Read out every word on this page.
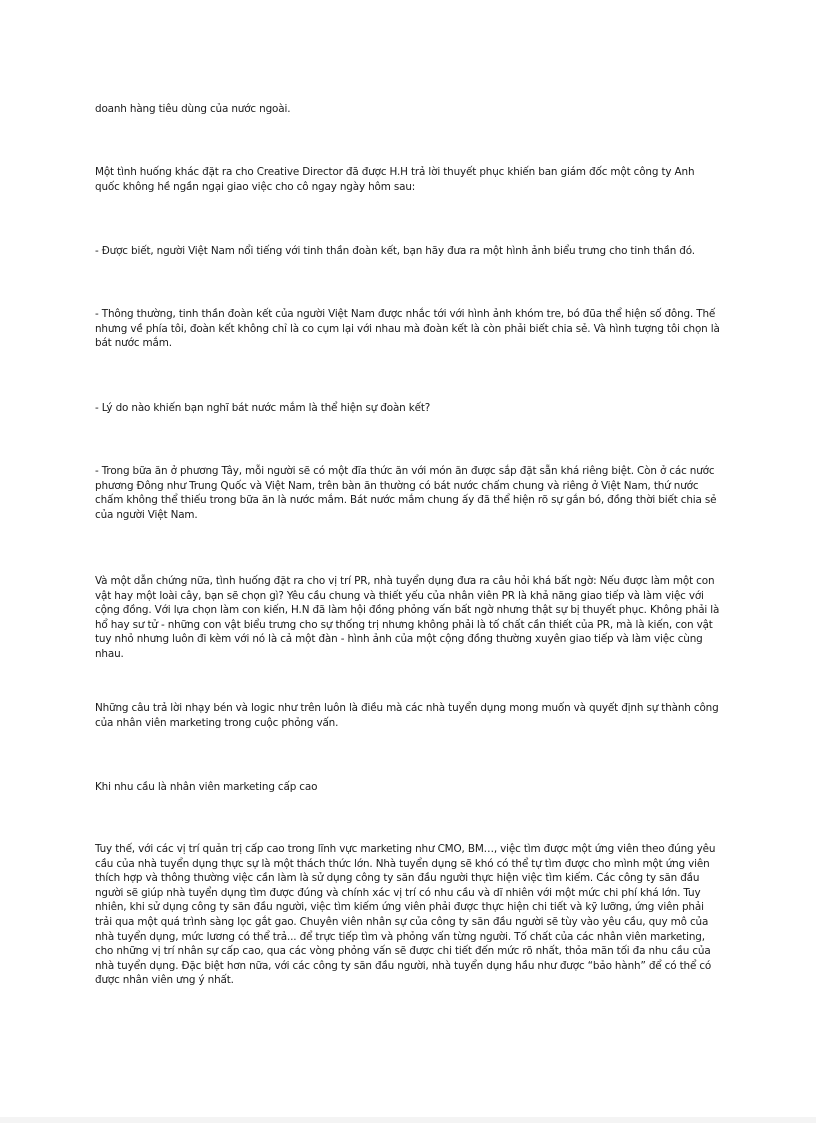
doanh hàng tiêu dùng của nước ngoài.

Một tình huống khác đặt ra cho Creative Director đã được H.H trả lời thuyết phục khiến ban giám đốc một công ty Anh quốc không hề ngần ngại giao việc cho cô ngay ngày hôm sau:

- Được biết, người Việt Nam nổi tiếng với tinh thần đoàn kết, bạn hãy đưa ra một hình ảnh biểu trưng cho tinh thần đó.

- Thông thường, tinh thần đoàn kết của người Việt Nam được nhắc tới với hình ảnh khóm tre, bó đũa thể hiện số đông. Thế nhưng về phía tôi, đoàn kết không chỉ là co cụm lại với nhau mà đoàn kết là còn phải biết chia sẻ. Và hình tượng tôi chọn là bát nước mắm.

- Lý do nào khiến bạn nghĩ bát nước mắm là thể hiện sự đoàn kết?

- Trong bữa ăn ở phương Tây, mỗi người sẽ có một đĩa thức ăn với món ăn được sắp đặt sẵn khá riêng biệt. Còn ở các nước phương Đông như Trung Quốc và Việt Nam, trên bàn ăn thường có bát nước chấm chung và riêng ở Việt Nam, thứ nước chấm không thể thiếu trong bữa ăn là nước mắm. Bát nước mắm chung ấy đã thể hiện rõ sự gắn bó, đồng thời biết chia sẻ của người Việt Nam.

Và một dẫn chứng nữa, tình huống đặt ra cho vị trí PR, nhà tuyển dụng đưa ra câu hỏi khá bất ngờ: Nếu được làm một con vật hay một loài cây, bạn sẽ chọn gì? Yêu cầu chung và thiết yếu của nhân viên PR là khả năng giao tiếp và làm việc với cộng đồng. Với lựa chọn làm con kiến, H.N đã làm hội đồng phỏng vấn bất ngờ nhưng thật sự bị thuyết phục. Không phải là hổ hay sư tử - những con vật biểu trưng cho sự thống trị nhưng không phải là tố chất cần thiết của PR, mà là kiến, con vật tuy nhỏ nhưng luôn đi kèm với nó là cả một đàn - hình ảnh của một cộng đồng thường xuyên giao tiếp và làm việc cùng nhau.

Những câu trả lời nhạy bén và logic như trên luôn là điều mà các nhà tuyển dụng mong muốn và quyết định sự thành công của nhân viên marketing trong cuộc phỏng vấn.

Khi nhu cầu là nhân viên marketing cấp cao

Tuy thế, với các vị trí quản trị cấp cao trong lĩnh vực marketing như CMO, BM…, việc tìm được một ứng viên theo đúng yêu cầu của nhà tuyển dụng thực sự là một thách thức lớn. Nhà tuyển dụng sẽ khó có thể tự tìm được cho mình một ứng viên thích hợp và thông thường việc cần làm là sử dụng công ty săn đầu người thực hiện việc tìm kiếm. Các công ty săn đầu người sẽ giúp nhà tuyển dụng tìm được đúng và chính xác vị trí có nhu cầu và dĩ nhiên với một mức chi phí khá lớn. Tuy nhiên, khi sử dụng công ty săn đầu người, việc tìm kiếm ứng viên phải được thực hiện chi tiết và kỹ lưỡng, ứng viên phải trải qua một quá trình sàng lọc gắt gao. Chuyên viên nhân sự của công ty săn đầu người sẽ tùy vào yêu cầu, quy mô của nhà tuyển dụng, mức lương có thể trả... để trực tiếp tìm và phỏng vấn từng người. Tố chất của các nhân viên marketing, cho những vị trí nhân sự cấp cao, qua các vòng phỏng vấn sẽ được chi tiết đến mức rõ nhất, thỏa mãn tối đa nhu cầu của nhà tuyển dụng. Đặc biệt hơn nữa, với các công ty săn đầu người, nhà tuyển dụng hầu như được “bảo hành” để có thể có được nhân viên ưng ý nhất.
